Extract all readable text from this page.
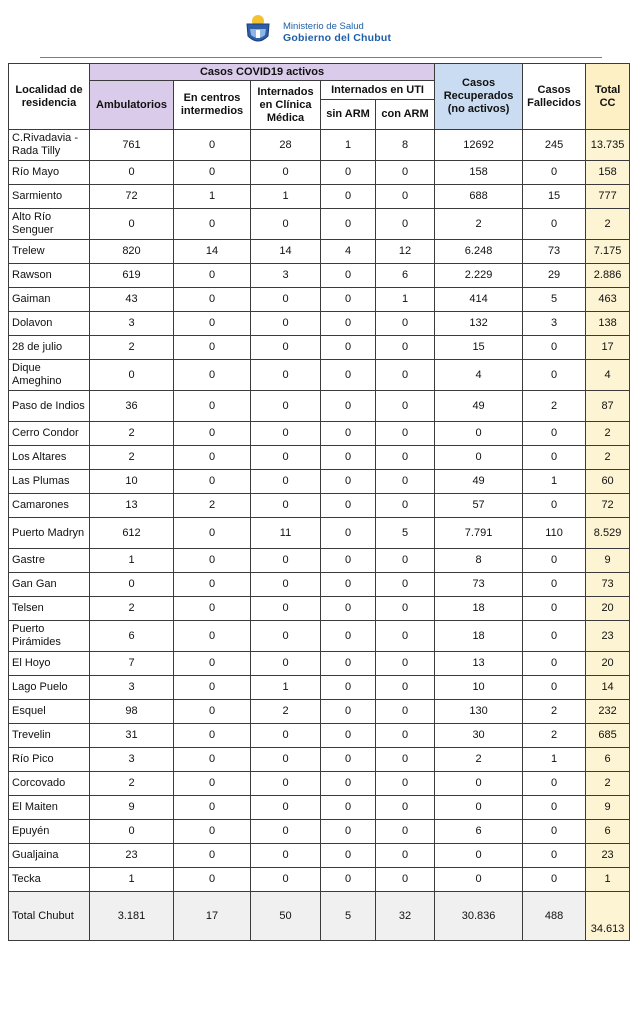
Ministerio de Salud
Gobierno del Chubut
Localidad de residencia	Casos COVID19 activos					Casos Recuperados (no activos)	Casos Fallecidos	Total CC
	Ambulatorios	En centros intermedios	Internados en Clínica Médica	Internados en UTI				
				sin ARM	con ARM			
C.Rivadavia - Rada Tilly	761	0	28	1	8	12692	245	13.735
Río Mayo	0	0	0	0	0	158	0	158
Sarmiento	72	1	1	0	0	688	15	777
Alto Río Senguer	0	0	0	0	0	2	0	2
Trelew	820	14	14	4	12	6.248	73	7.175
Rawson	619	0	3	0	6	2.229	29	2.886
Gaiman	43	0	0	0	1	414	5	463
Dolavon	3	0	0	0	0	132	3	138
28 de julio	2	0	0	0	0	15	0	17
Dique Ameghino	0	0	0	0	0	4	0	4
Paso de Indios	36	0	0	0	0	49	2	87
Cerro Condor	2	0	0	0	0	0	0	2
Los Altares	2	0	0	0	0	0	0	2
Las Plumas	10	0	0	0	0	49	1	60
Camarones	13	2	0	0	0	57	0	72
Puerto Madryn	612	0	11	0	5	7.791	110	8.529
Gastre	1	0	0	0	0	8	0	9
Gan Gan	0	0	0	0	0	73	0	73
Telsen	2	0	0	0	0	18	0	20
Puerto Pirámides	6	0	0	0	0	18	0	23
El Hoyo	7	0	0	0	0	13	0	20
Lago Puelo	3	0	1	0	0	10	0	14
Esquel	98	0	2	0	0	130	2	232
Trevelin	31	0	0	0	0	30	2	685
Río Pico	3	0	0	0	0	2	1	6
Corcovado	2	0	0	0	0	0	0	2
El Maiten	9	0	0	0	0	0	0	9
Epuyén	0	0	0	0	0	6	0	6
Gualjaina	23	0	0	0	0	0	0	23
Tecka	1	0	0	0	0	0	0	1
Total Chubut	3.181	17	50	5	32	30.836	488	34.613
